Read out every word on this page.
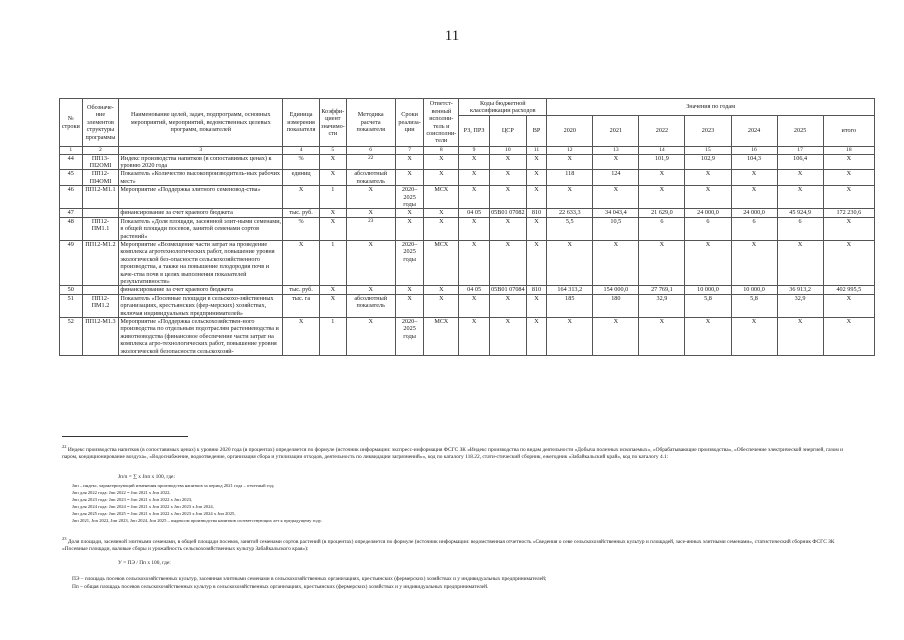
11
№ строки	Обозначе-ние элементов структуры программы	Наименование целей, задач, подпрограмм, основных мероприятий, мероприятий, ведомственных целевых программ, показателей	Единица измерения показателя	Коэффи-циент значимо-сти	Методика расчета показателя	Сроки реализа-ции	Ответст-венный исполни-тель и соисполни-тели	Коды бюджетной классификации расходов			Значения по годам						
								РЗ, ПРЗ	ЦСР	ВР	2020	2021	2022	2023	2024	2025	итого
1	2	3	4	5	6	7	8	9	10	11	12	13	14	15	16	17	18
44	ПП13-ПI2ОМI	Индекс производства напитков (в сопоставимых ценах) к уровню 2020 года	%	X	$^{22}$	X	X	X	X	X	X	X	101,9	102,9	104,3	106,4	X
45	ПП12-ПI4ОМI	Показатель «Количество высокопроизводитель-ных рабочих мест»	единиц	X	абсолютный показатель	X	X	X	X	X	118	124	X	X	X	X	X
46	ПП12-М1.1	Мероприятие «Поддержка элитного семеновод-ства»	X	1	X	2020–2025 годы	МСХ	X	X	X	X	X	X	X	X	X	X
47		финансирование за счет краевого бюджета	тыс. руб.	X	X	X	X	04 05	05В01 07082	810	22 633,3	34 043,4	21 629,0	24 000,0	24 000,0	45 924,9	172 230,6
48	ПП12-ПМ1.1	Показатель «Доля площади, засеянной элит-ными семенами, в общей площади посевов, занятой семенами сортов растений»	%	X	$^{23}$	X	X	X	X	X	5,5	10,5	6	6	6	6	X
49	ПП12-М1.2	Мероприятие «Возмещение части затрат на проведение комплекса агротехнологических работ, повышение уровня экологической без-опасности сельскохозяйственного производства, а также на повышение плодородия почв и каче-ства почв в целях выполнения показателей результативности»	X	1	X	2020–2025 годы	МСХ	X	X	X	X	X	X	X	X	X	X
50		финансирование за счет краевого бюджета	тыс. руб.	X	X	X	X	04 05	05В01 07084	810	164 313,2	154 000,0	27 769,1	10 000,0	10 000,0	36 913,2	402 995,5
51	ПП12-ПМ1.2	Показатель «Посевные площади в сельскохо-зяйственных организациях, крестьянских (фер-мерских) хозяйствах, включая индивидуальных предпринимателей»	тыс. га	X	абсолютный показатель	X	X	X	X	X	185	180	32,9	5,8	5,8	32,9	X
52	ПП12-М1.3	Мероприятие «Поддержка сельскохозяйствен-ного производства по отдельным подотраслям растениеводства и животноводства (финансовое обеспечение части затрат на комплекса агро-технологических работ, повышение уровня экологической безопасности сельскохозяй-	X	1	X	2020–2025 годы	МСХ	X	X	X	X	X	X	X	X	X	X

$^{22}$ Индекс производства напитков (в сопоставимых ценах) к уровню 2020 года (в процентах) определяется по формуле (источник информации: экспресс-информация ФСГС ЗК «Индекс производства по видам деятельности «Добыча полезных ископаемых», «Обрабатывающие производства», «Обеспечение электрической энергией, газом и паром, кондиционирование воздуха», «Водоснабжение, водоотведение, организация сбора и утилизации отходов, деятельность по ликвидации загрязнений»», код по каталогу 118.22, стати-стический сборник, ежегодник «Забайкальский край», код по каталогу 4.1:

Jп/п = ∑ x Jпп x 100, где:

Jпп – индекс, характеризующий изменения производства напитков за период 2021 года – отчетный год;

Jпп для 2022 года: Jпп 2022 = Jпп 2021 x Jпп 2022,

Jпп для 2023 года: Jпп 2023 = Jпп 2021 x Jпп 2022 x Jпп 2023,

Jпп для 2024 года: Jпп 2024 = Jпп 2021 x Jпп 2022 x Jпп 2023 x Jпп 2024,

Jпп для 2025 года: Jпп 2025 = Jпп 2021 x Jпп 2022 x Jпп 2023 x Jпп 2024 x Jпп 2025,

Jпп 2021, Jпп 2022, Jпп 2023, Jпп 2024, Jпп 2025 – индексом производства напитков соответствующих лет к предыдущему году.

$^{23}$ Доля площади, засеянной элитными семенами, в общей площади посевов, занятой семенами сортов растений (в процентах) определяется по формуле (источник информации: ведомственная отчетность «Сведения о севе сельскохозяйственных культур и площадей, засе-янных элитными семенами», статистический сборник ФСГС ЗК «Посевные площади, валовые сборы и урожайность сельскохозяйственных культур Забайкальского края»):

У = ПЭ / Пп x 100, где:

ПЭ – площадь посевов сельскохозяйственных культур, засеянная элитными семенами в сельскохозяйственных организациях, крестьянских (фермерских) хозяйствах и у индивидуальных предпринимателей;

Пп – общая площадь посевов сельскохозяйственных культур в сельскохозяйственных организациях, крестьянских (фермерских) хозяйствах и у индивидуальных предпринимателей.
